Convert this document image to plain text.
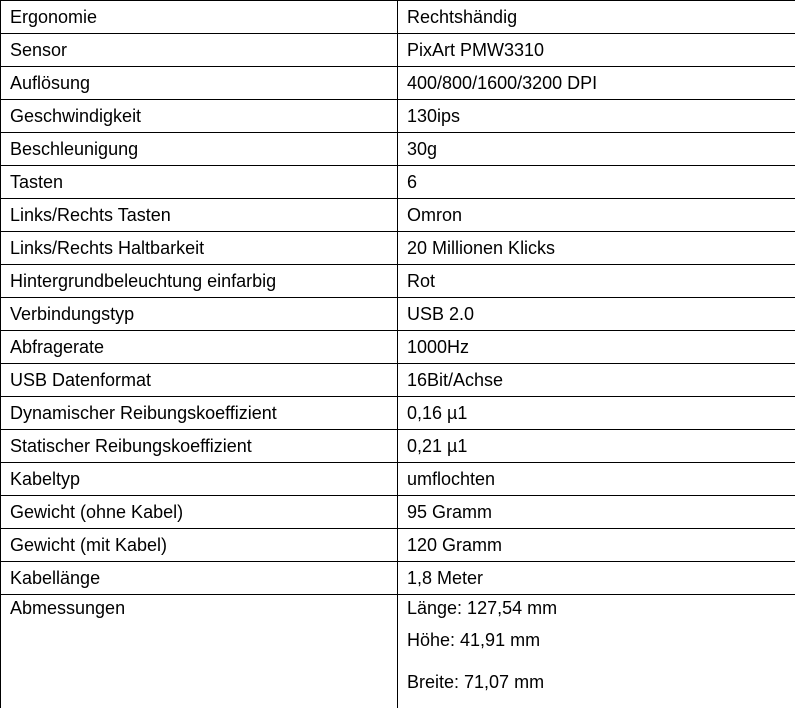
Ergonomie	Rechtshändig
Sensor	PixArt PMW3310
Auflösung	400/800/1600/3200 DPI
Geschwindigkeit	130ips
Beschleunigung	30g
Tasten	6
Links/Rechts Tasten	Omron
Links/Rechts Haltbarkeit	20 Millionen Klicks
Hintergrundbeleuchtung einfarbig	Rot
Verbindungstyp	USB 2.0
Abfragerate	1000Hz
USB Datenformat	16Bit/Achse
Dynamischer Reibungskoeffizient	0,16 µ1
Statischer Reibungskoeffizient	0,21 µ1
Kabeltyp	umflochten
Gewicht (ohne Kabel)	95 Gramm
Gewicht (mit Kabel)	120 Gramm
Kabellänge	1,8 Meter
Abmessungen	Länge: 127,54 mm
Höhe: 41,91 mm
Breite: 71,07 mm
